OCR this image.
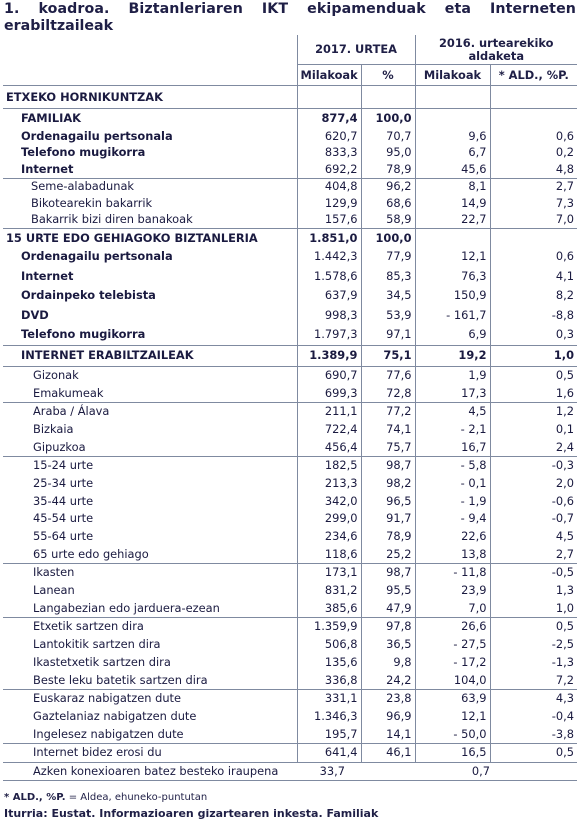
1. koadroa. Biztanleriaren IKT ekipamenduak eta Interneten
erabiltzaileak
	2017. URTEA		2016. urtearekiko
aldaketa	

	Milakoak	%	Milakoak	* ALD., %P.
ETXEKO HORNIKUNTZAK				
FAMILIAK	877,4	100,0		
Ordenagailu pertsonala	620,7	70,7	9,6	0,6
Telefono mugikorra	833,3	95,0	6,7	0,2
Internet	692,2	78,9	45,6	4,8
Seme-alabadunak	404,8	96,2	8,1	2,7
Bikotearekin bakarrik	129,9	68,6	14,9	7,3
Bakarrik bizi diren banakoak	157,6	58,9	22,7	7,0
15 URTE EDO GEHIAGOKO BIZTANLERIA	1.851,0	100,0		
Ordenagailu pertsonala	1.442,3	77,9	12,1	0,6
Internet	1.578,6	85,3	76,3	4,1
Ordainpeko telebista	637,9	34,5	150,9	8,2
DVD	998,3	53,9	- 161,7	-8,8
Telefono mugikorra	1.797,3	97,1	6,9	0,3
INTERNET ERABILTZAILEAK	1.389,9	75,1	19,2	1,0
Gizonak	690,7	77,6	1,9	0,5
Emakumeak	699,3	72,8	17,3	1,6
Araba / Álava	211,1	77,2	4,5	1,2
Bizkaia	722,4	74,1	- 2,1	0,1
Gipuzkoa	456,4	75,7	16,7	2,4
15-24 urte	182,5	98,7	- 5,8	-0,3
25-34 urte	213,3	98,2	- 0,1	2,0
35-44 urte	342,0	96,5	- 1,9	-0,6
45-54 urte	299,0	91,7	- 9,4	-0,7
55-64 urte	234,6	78,9	22,6	4,5
65 urte edo gehiago	118,6	25,2	13,8	2,7
Ikasten	173,1	98,7	- 11,8	-0,5
Lanean	831,2	95,5	23,9	1,3
Langabezian edo jarduera-ezean	385,6	47,9	7,0	1,0
Etxetik sartzen dira	1.359,9	97,8	26,6	0,5
Lantokitik sartzen dira	506,8	36,5	- 27,5	-2,5
Ikastetxetik sartzen dira	135,6	9,8	- 17,2	-1,3
Beste leku batetik sartzen dira	336,8	24,2	104,0	7,2
Euskaraz nabigatzen dute	331,1	23,8	63,9	4,3
Gaztelaniaz nabigatzen dute	1.346,3	96,9	12,1	-0,4
Ingelesez nabigatzen dute	195,7	14,1	- 50,0	-3,8
Internet bidez erosi du	641,4	46,1	16,5	0,5
Azken konexioaren batez besteko iraupena	33,7		0,7	
* ALD., %P. = Aldea, ehuneko-puntutan
Iturria: Eustat. Informazioaren gizartearen inkesta. Familiak
